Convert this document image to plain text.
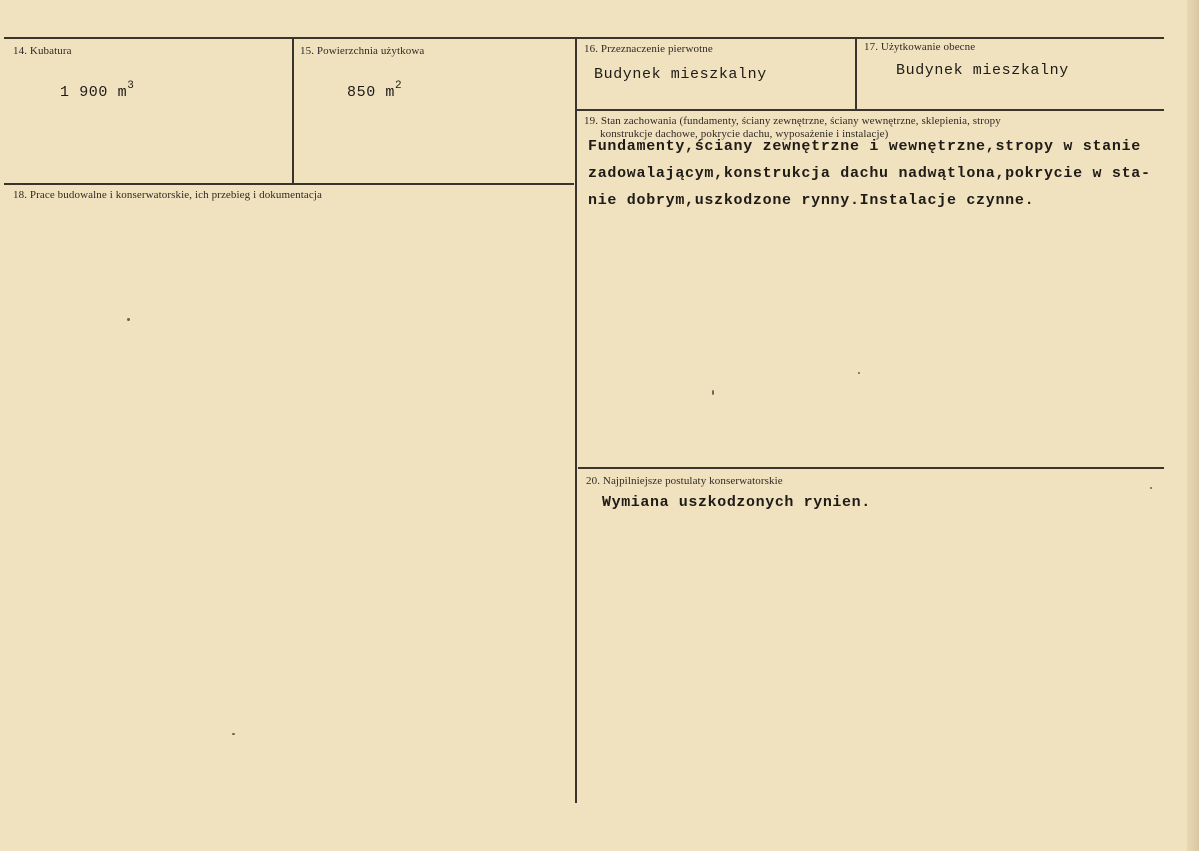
14. Kubatura
1 900 $m^3$
15. Powierzchnia użytkowa
850 $m^2$
16. Przeznaczenie pierwotne
Budynek mieszkalny
17. Użytkowanie obecne
Budynek mieszkalny
18. Prace budowalne i konserwatorskie, ich przebieg i dokumentacja
19. Stan zachowania (fundamenty, ściany zewnętrzne, ściany wewnętrzne, sklepienia, stropy
konstrukcje dachowe, pokrycie dachu, wyposażenie i instalacje)
Fundamenty,ściany zewnętrzne i wewnętrzne,stropy w stanie
zadowalającym,konstrukcja dachu nadwątlona,pokrycie w sta-
nie dobrym,uszkodzone rynny.Instalacje czynne.
20. Najpilniejsze postulaty konserwatorskie
Wymiana uszkodzonych rynien.
